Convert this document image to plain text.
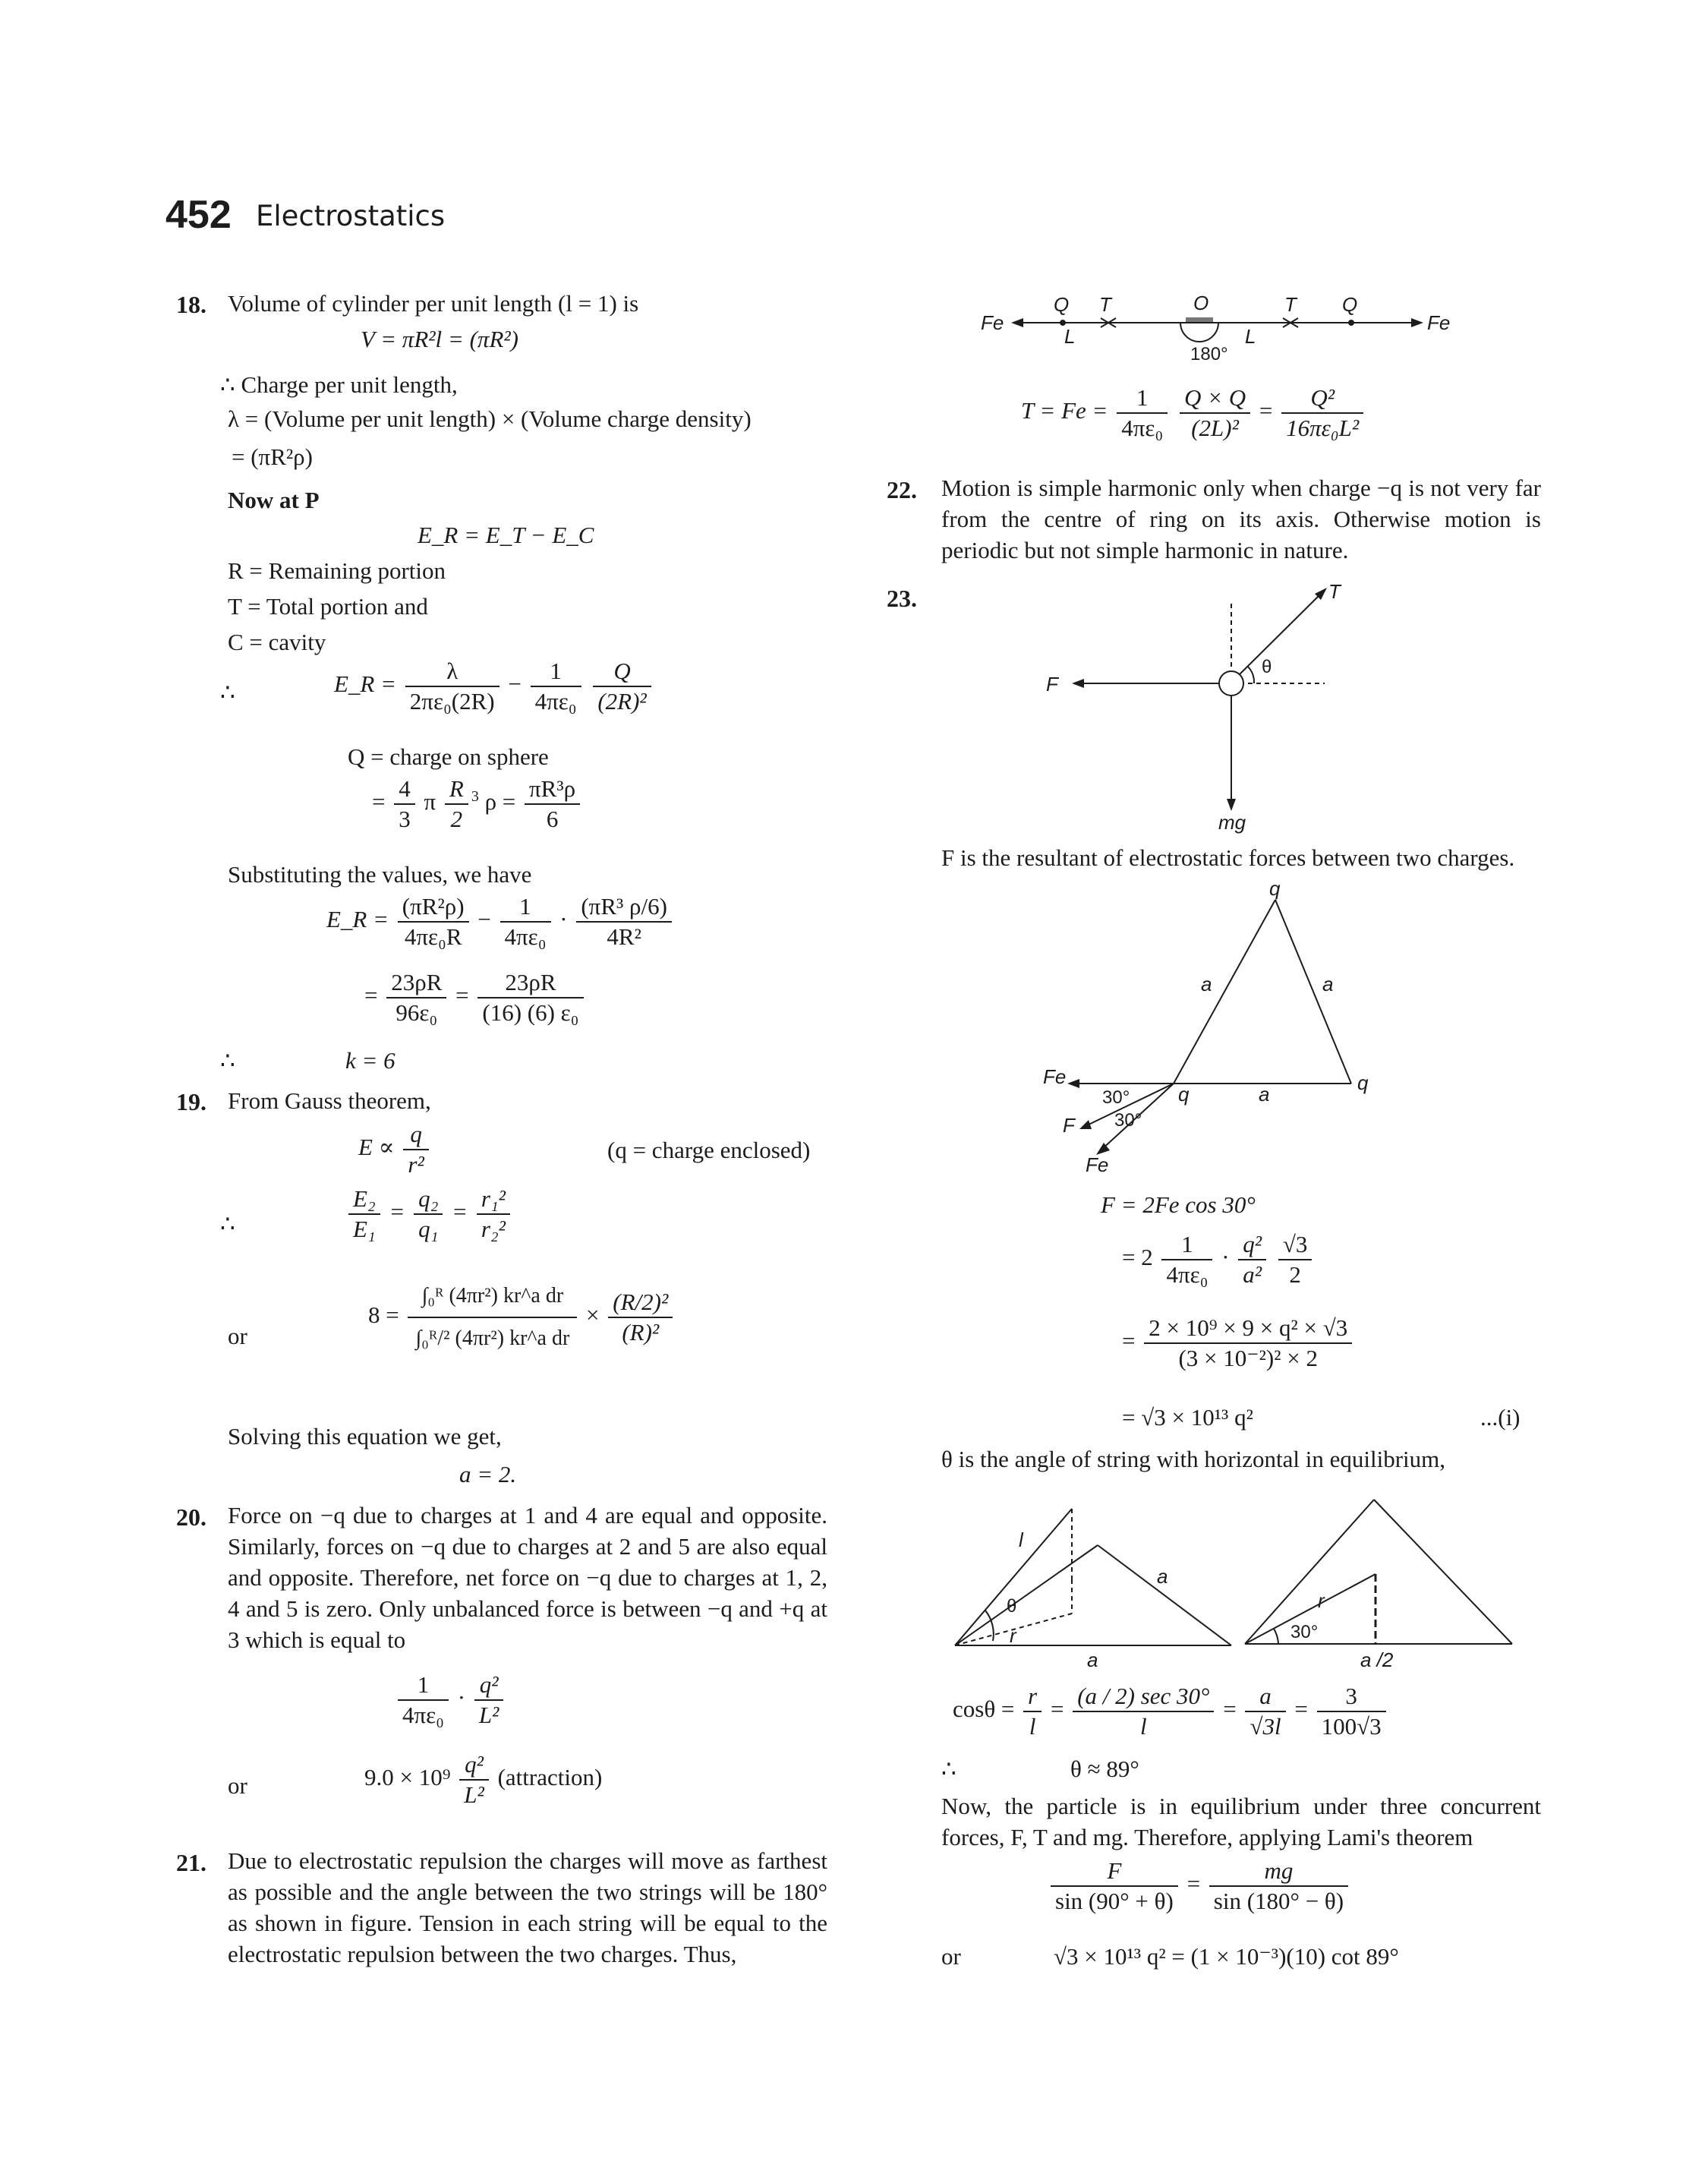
452 Electrostatics
18. Volume of cylinder per unit length (l = 1) is
V = πR²l = (πR²)
∴ Charge per unit length,
λ = (Volume per unit length) × (Volume charge density)
= (πR²ρ)
Now at P
E_R = E_T − E_C
R = Remaining portion
T = Total portion and
C = cavity
∴	E_R = $\frac{\lambda}{\text{2πε₀(2R)}} - \frac{1}{\text{4πε₀}}$
$\frac{Q}{\text{(2R)²}}$
Q = charge on sphere
= $\frac{4}{3}$ π $\frac{R}{2} ^3$ $\rho = \frac{\text{πR³ρ}}{6}$
Substituting the values, we have
E_R = $\frac{\text{(πR²ρ)}}{\text{4πε₀R}} - \frac{1}{\text{4πε₀}} \cdot \frac{\text{(πR³ ρ/6)}}{\text{4R²}}$
= $\frac{23\rho R}{\text{96ε₀}} = \frac{23\rho R}{\text{(16) (6) ε₀}}$
∴	k = 6
19. From Gauss theorem,
$E \propto \frac{q}{\text{r²}}$	(q = charge enclosed)
∴	$\frac{\text{E₂}}{\text{E₁}} = \frac{\text{q₂}}{\text{q₁}} = \frac{\text{r₁²}}{\text{r₂²}}$
or
$8 = \frac{\text{∫₀ᴿ (4πr²) kr\textasciicircum{}a dr}}{\text{∫₀ᴿ/² (4πr²) kr\textasciicircum{}a dr}} \times \frac{\text{(R/2)²}}{\text{(R)²}}$
Solving this equation we get,
a = 2.
20. Force on −q due to charges at 1 and 4 are equal and opposite. Similarly, forces on −q due to charges at 2 and 5 are also equal and opposite. Therefore, net force on −q due to charges at 1, 2, 4 and 5 is zero. Only unbalanced force is between −q and +q at 3 which is equal to
$\frac{1}{\text{4πε₀}} \cdot \frac{\text{q²}}{\text{L²}}$
or	$9.0 \times 10^9 \frac{\text{q²}}{\text{L²}}$ (attraction)
21. Due to electrostatic repulsion the charges will move as farthest as possible and the angle between the two strings will be 180° as shown in figure. Tension in each string will be equal to the electrostatic repulsion between the two charges. Thus,
Fe
Q T
L
O
180°
L
T Q
Fe
$T = Fe = \frac{1}{\text{4πε₀}}$
$\frac{Q \times Q}{\text{(2L)²}} = \frac{\text{Q²}}{\text{16πε₀L²}}$
22. Motion is simple harmonic only when charge −q is not very far from the centre of ring on its axis. Otherwise motion is periodic but not simple harmonic in nature.
23.	T
θ
F
mg
F is the resultant of electrostatic forces between two charges.
q
a	a
Fe
30°
30°
q	a	q
F
Fe
F = 2Fe cos 30°
= $2 \frac{1}{\text{4πε₀}} \cdot \frac{\text{q²}}{\text{a²}}$
$\frac{√3}{2}$
= $\frac{\text{2 × 10⁹ × 9 × q² × √3}}{\text{(3 × 10⁻²)² × 2}}$
= √3 × 10¹³ q²	...(i)
θ is the angle of string with horizontal in equilibrium,
l
θ
a
r
a
r
30°
a /2
$\cos\theta = \frac{r}{l} = \frac{(a / 2) \sec 30^\circ}{l} = \frac{a}{√3l} = \frac{3}{100√3}$
∴	θ ≈ 89°
Now, the particle is in equilibrium under three concurrent forces, F, T and mg. Therefore, applying Lami's theorem
$\frac{F}{\sin (90^\circ + \theta)} = \frac{mg}{\sin (180^\circ - \theta)}$
or	√3 × 10¹³ q² = (1 × 10⁻³)(10) cot 89°
